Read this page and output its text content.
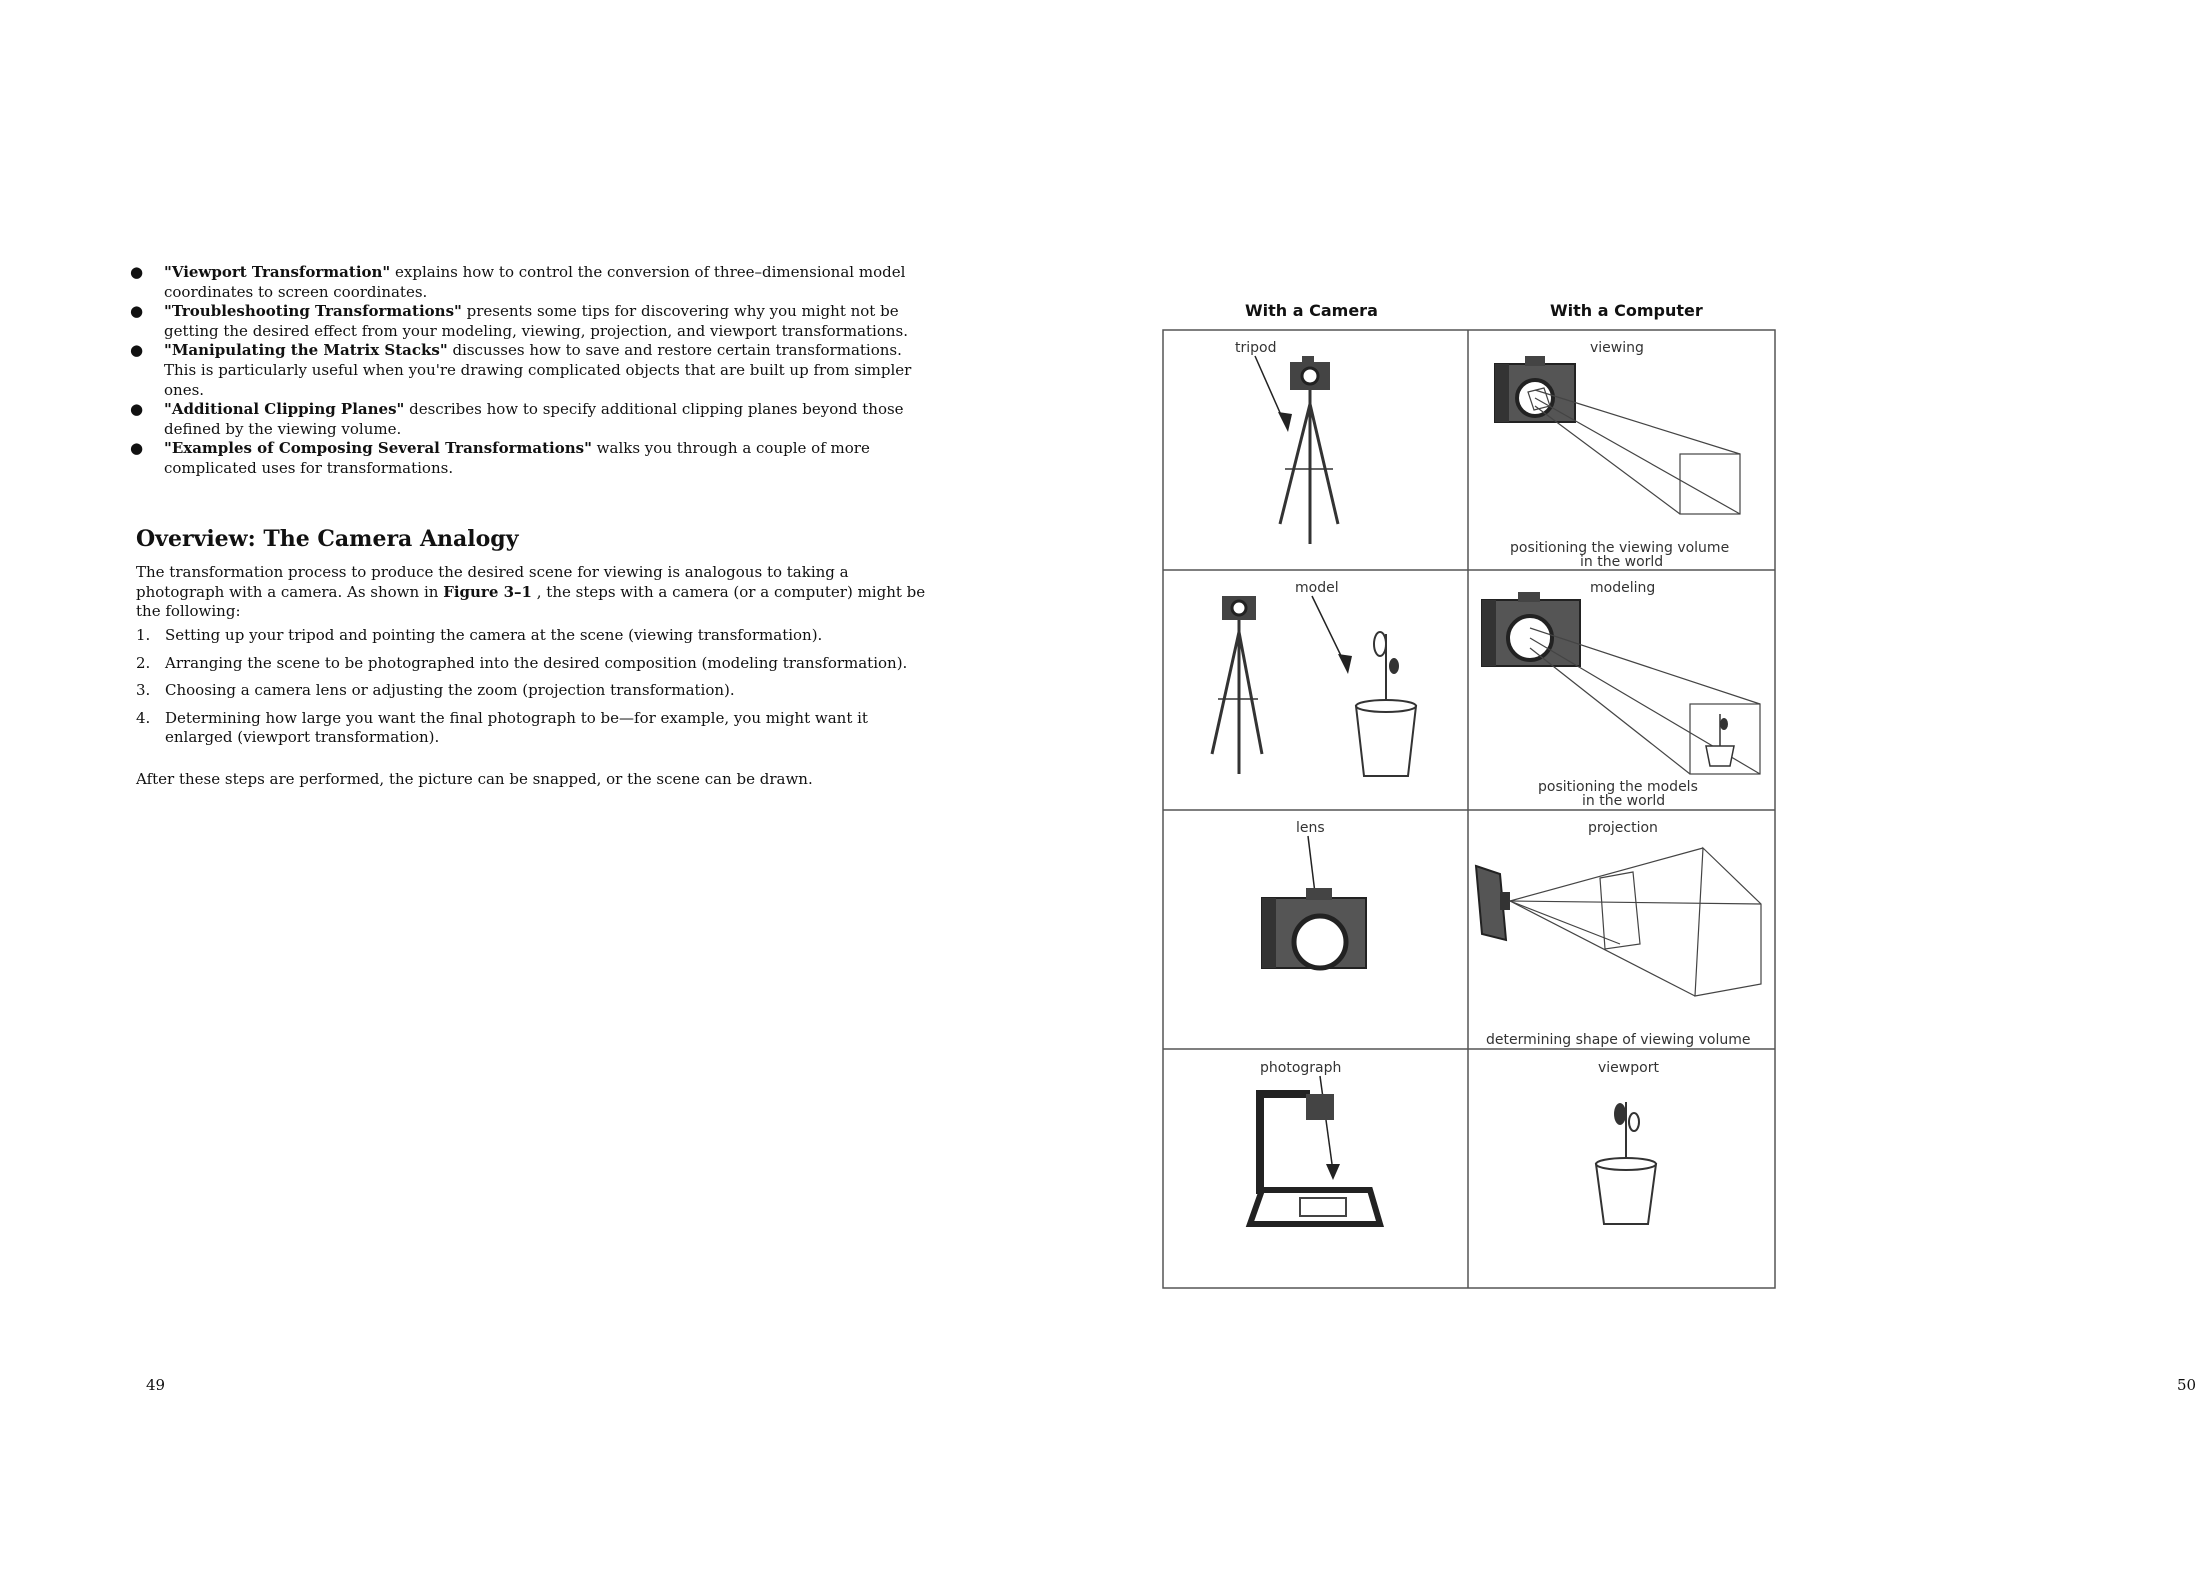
● "Viewport Transformation" explains how to control the conversion of three–dimensional model coordinates to screen coordinates.
● "Troubleshooting Transformations" presents some tips for discovering why you might not be getting the desired effect from your modeling, viewing, projection, and viewport transformations.
● "Manipulating the Matrix Stacks" discusses how to save and restore certain transformations. This is particularly useful when you're drawing complicated objects that are built up from simpler ones.
● "Additional Clipping Planes" describes how to specify additional clipping planes beyond those defined by the viewing volume.
● "Examples of Composing Several Transformations" walks you through a couple of more complicated uses for transformations.
Overview: The Camera Analogy

The transformation process to produce the desired scene for viewing is analogous to taking a photograph with a camera. As shown in Figure 3–1 , the steps with a camera (or a computer) might be the following:

1. Setting up your tripod and pointing the camera at the scene (viewing transformation).
2. Arranging the scene to be photographed into the desired composition (modeling transformation).
3. Choosing a camera lens or adjusting the zoom (projection transformation).
4. Determining how large you want the final photograph to be—for example, you might want it enlarged (viewport transformation).

After these steps are performed, the picture can be snapped, or the scene can be drawn.

49	50

With a Camera	With a Computer
tripod	viewing
positioning the viewing volume
in the world
model	modeling
positioning the models
in the world
lens	projection
determining shape of viewing volume
photograph	viewport
